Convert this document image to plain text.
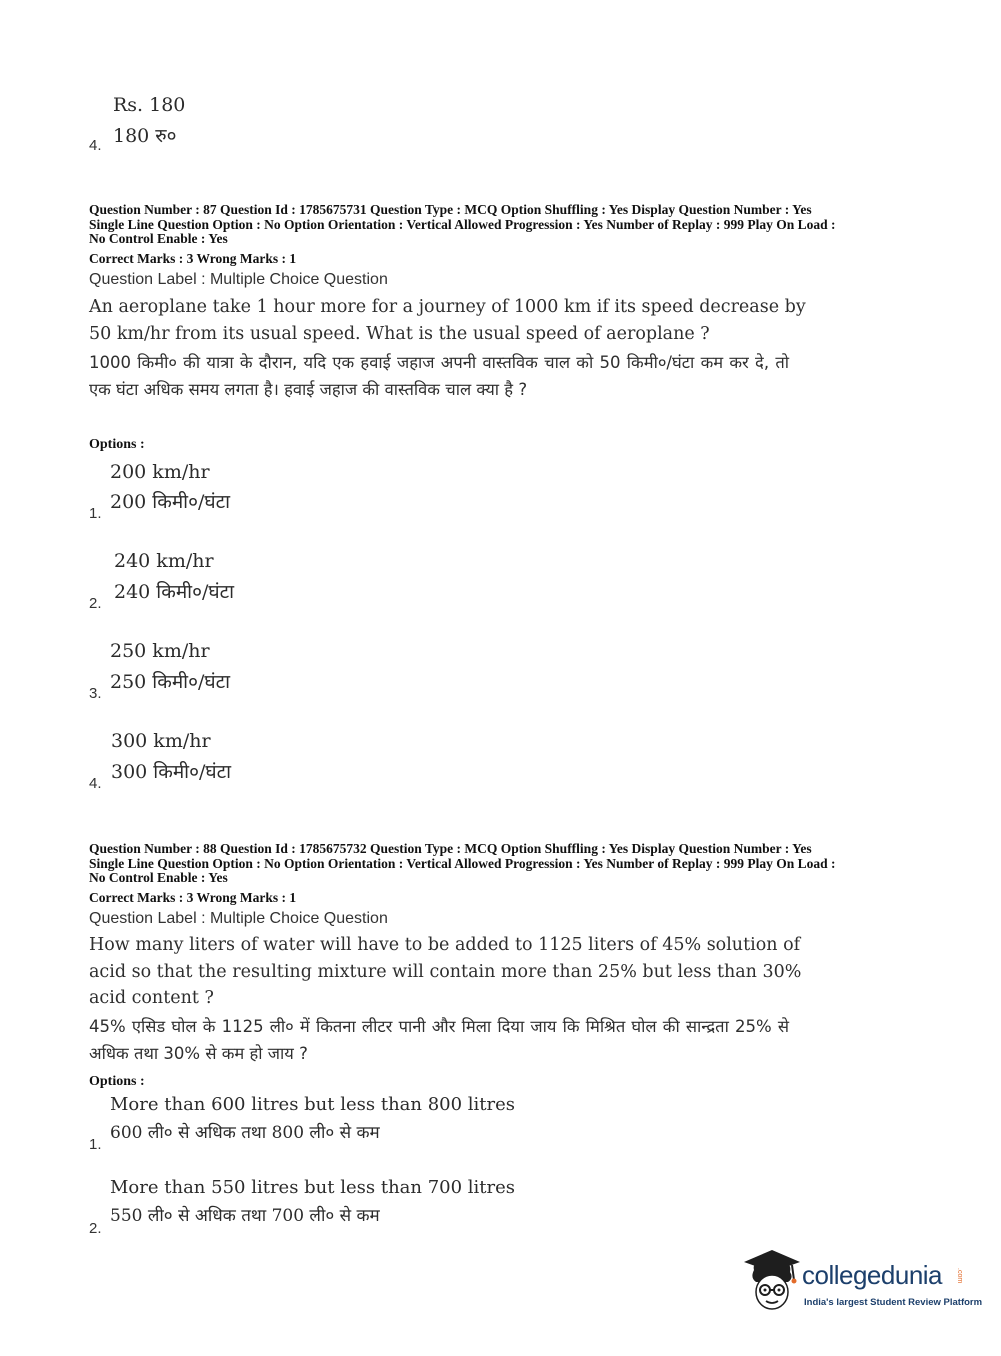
Rs. 180
180 रु०
4.
Question Number : 87 Question Id : 1785675731 Question Type : MCQ Option Shuffling : Yes Display Question Number : Yes
Single Line Question Option : No Option Orientation : Vertical Allowed Progression : Yes Number of Replay : 999 Play On Load :
No Control Enable : Yes
Correct Marks : 3 Wrong Marks : 1
Question Label : Multiple Choice Question
An aeroplane take 1 hour more for a journey of 1000 km if its speed decrease by
50 km/hr from its usual speed. What is the usual speed of aeroplane ?
1000 किमी० की यात्रा के दौरान, यदि एक हवाई जहाज अपनी वास्तविक चाल को 50 किमी०/घंटा कम कर दे, तो एक घंटा अधिक समय लगता है। हवाई जहाज की वास्तविक चाल क्या है ?
Options :
200 km/hr
200 किमी०/घंटा
1.
240 km/hr
240 किमी०/घंटा
2.
250 km/hr
250 किमी०/घंटा
3.
300 km/hr
300 किमी०/घंटा
4.
Question Number : 88 Question Id : 1785675732 Question Type : MCQ Option Shuffling : Yes Display Question Number : Yes
Single Line Question Option : No Option Orientation : Vertical Allowed Progression : Yes Number of Replay : 999 Play On Load :
No Control Enable : Yes
Correct Marks : 3 Wrong Marks : 1
Question Label : Multiple Choice Question
How many liters of water will have to be added to 1125 liters of 45% solution of
acid so that the resulting mixture will contain more than 25% but less than 30%
acid content ?
45% एसिड घोल के 1125 ली० में कितना लीटर पानी और मिला दिया जाय कि मिश्रित घोल की सान्द्रता 25% से अधिक तथा 30% से कम हो जाय ?
Options :
More than 600 litres but less than 800 litres
600 ली० से अधिक तथा 800 ली० से कम
1.
More than 550 litres but less than 700 litres
550 ली० से अधिक तथा 700 ली० से कम
2.
collegedunia .com
India's largest Student Review Platform
